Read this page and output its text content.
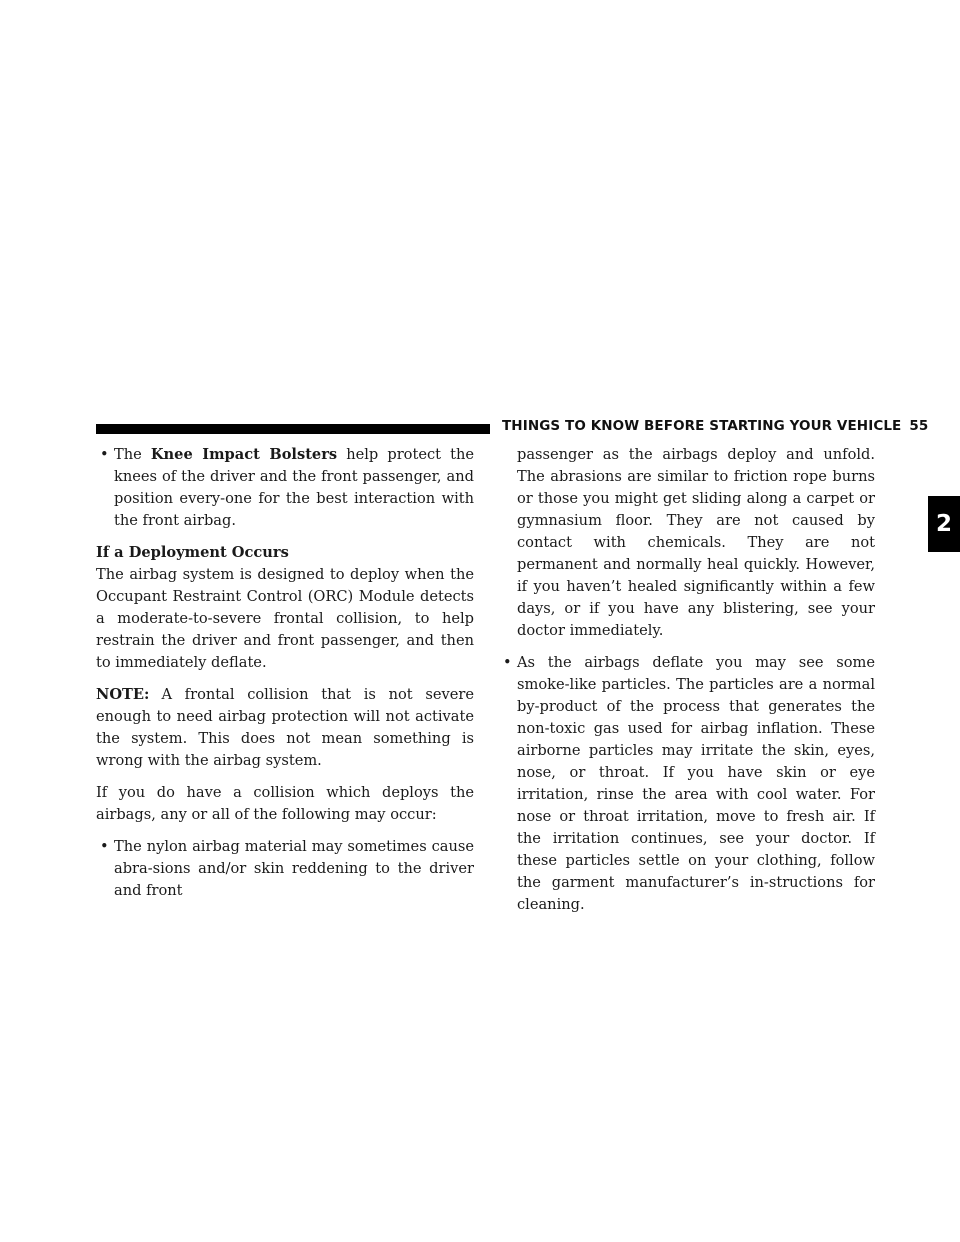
THINGS TO KNOW BEFORE STARTING YOUR VEHICLE 55
2
• The Knee Impact Bolsters help protect the knees of the driver and the front passenger, and position every-one for the best interaction with the front airbag.
If a Deployment Occurs

The airbag system is designed to deploy when the Occupant Restraint Control (ORC) Module detects a moderate-to-severe frontal collision, to help restrain the driver and front passenger, and then to immediately deflate.

NOTE: A frontal collision that is not severe enough to need airbag protection will not activate the system. This does not mean something is wrong with the airbag system.

If you do have a collision which deploys the airbags, any or all of the following may occur:

• The nylon airbag material may sometimes cause abra-sions and/or skin reddening to the driver and front
passenger as the airbags deploy and unfold. The abrasions are similar to friction rope burns or those you might get sliding along a carpet or gymnasium floor. They are not caused by contact with chemicals. They are not permanent and normally heal quickly. However, if you haven’t healed significantly within a few days, or if you have any blistering, see your doctor immediately.
• As the airbags deflate you may see some smoke-like particles. The particles are a normal by-product of the process that generates the non-toxic gas used for airbag inflation. These airborne particles may irritate the skin, eyes, nose, or throat. If you have skin or eye irritation, rinse the area with cool water. For nose or throat irritation, move to fresh air. If the irritation continues, see your doctor. If these particles settle on your clothing, follow the garment manufacturer’s in-structions for cleaning.
